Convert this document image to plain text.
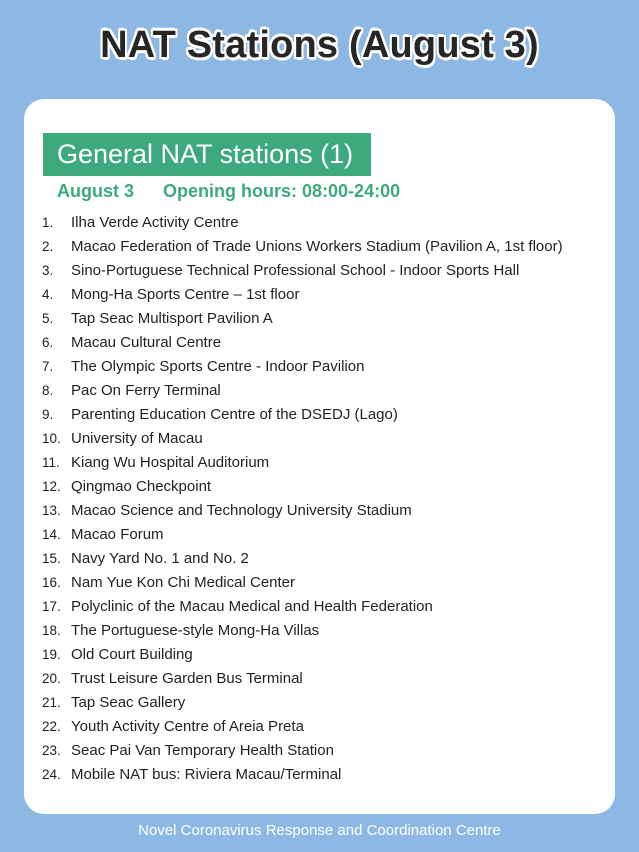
NAT Stations (August 3)
General NAT stations (1)
August 3 Opening hours: 08:00-24:00
1.	Ilha Verde Activity Centre
2.	Macao Federation of Trade Unions Workers Stadium (Pavilion A, 1st floor)
3.	Sino-Portuguese Technical Professional School - Indoor Sports Hall
4.	Mong-Ha Sports Centre – 1st floor
5.	Tap Seac Multisport Pavilion A
6.	Macau Cultural Centre
7.	The Olympic Sports Centre - Indoor Pavilion
8.	Pac On Ferry Terminal
9.	Parenting Education Centre of the DSEDJ (Lago)
10. University of Macau
11. Kiang Wu Hospital Auditorium
12. Qingmao Checkpoint
13. Macao Science and Technology University Stadium
14. Macao Forum
15. Navy Yard No. 1 and No. 2
16. Nam Yue Kon Chi Medical Center
17. Polyclinic of the Macau Medical and Health Federation
18. The Portuguese-style Mong-Ha Villas
19. Old Court Building
20. Trust Leisure Garden Bus Terminal
21. Tap Seac Gallery
22. Youth Activity Centre of Areia Preta
23. Seac Pai Van Temporary Health Station
24. Mobile NAT bus: Riviera Macau/Terminal
Novel Coronavirus Response and Coordination Centre
